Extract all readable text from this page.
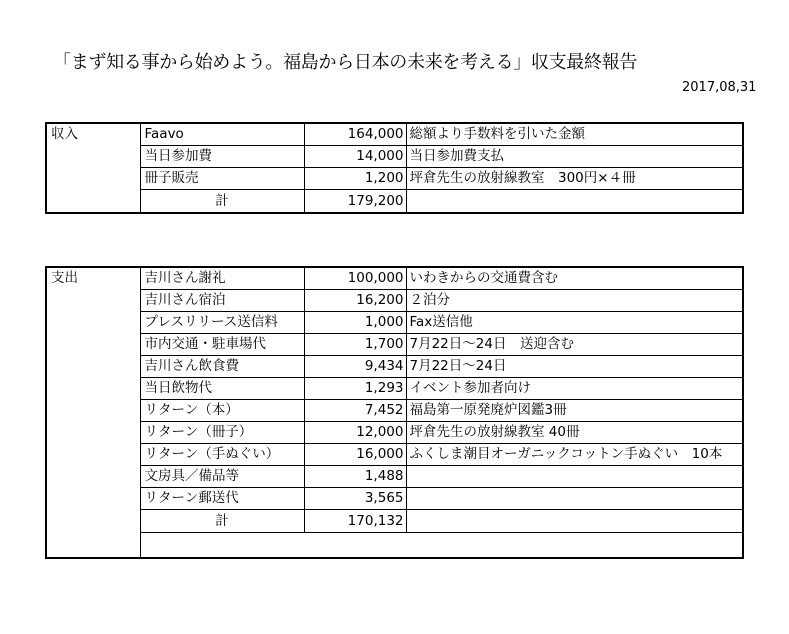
「まず知る事から始めよう。福島から日本の未来を考える」収支最終報告
2017,08,31
収入	Faavo	164,000	総額より手数料を引いた金額
	当日参加費	14,000	当日参加費支払
	冊子販売	1,200	坪倉先生の放射線教室　300円×４冊
	計	179,200	
支出	吉川さん謝礼	100,000	いわきからの交通費含む
	吉川さん宿泊	16,200	２泊分
	プレスリリース送信料	1,000	Fax送信他
	市内交通・駐車場代	1,700	7月22日～24日　送迎含む
	吉川さん飲食費	9,434	7月22日～24日
	当日飲物代	1,293	イベント参加者向け
	リターン（本）	7,452	福島第一原発廃炉図鑑3冊
	リターン（冊子）	12,000	坪倉先生の放射線教室 40冊
	リターン（手ぬぐい）	16,000	ふくしま潮目オーガニックコットン手ぬぐい　10本
	文房具／備品等	1,488	
	リターン郵送代	3,565	
	計	170,132	
